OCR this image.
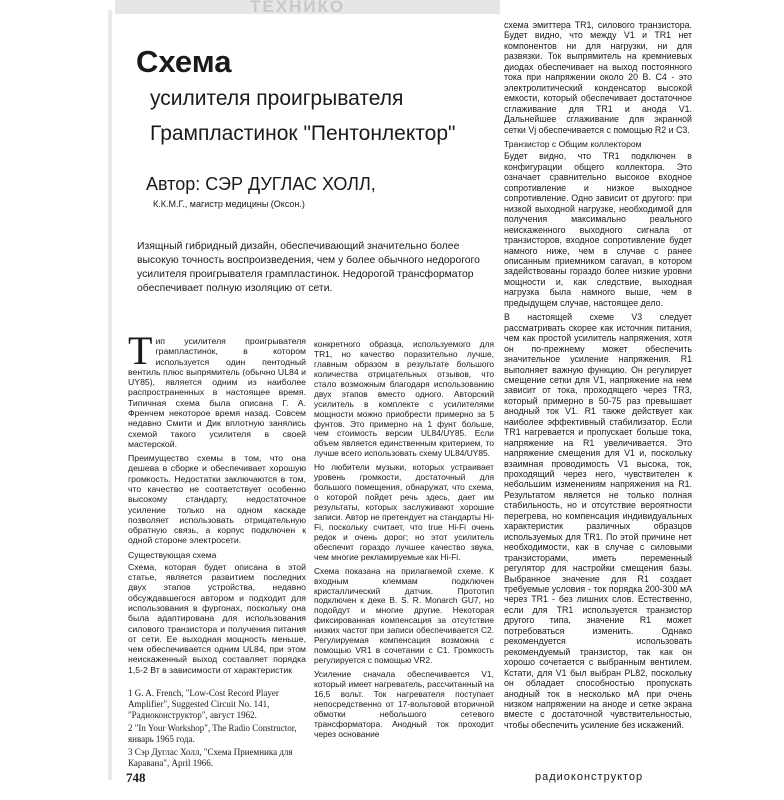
ТЕХНИКО
Схема
усилителя проигрывателя
Грампластинок "Пентонлектор"
Автор: СЭР ДУГЛАС ХОЛЛ,
К.К.М.Г., магистр медицины (Оксон.)
Изящный гибридный дизайн, обеспечивающий значительно более высокую точность воспроизведения, чем у более обычного недорогого усилителя проигрывателя грампластинок. Недорогой трансформатор обеспечивает полную изоляцию от сети.

Тип усилителя проигрывателя грампластинок, в котором используется один пентодный вентиль плюс выпрямитель (обычно UL84 и UY85), является одним из наиболее распространенных в настоящее время. Типичная схема была описана Г. А. Френчем некоторое время назад. Совсем недавно Смити и Дик вплотную занялись схемой такого усилителя в своей мастерской.

Преимущество схемы в том, что она дешева в сборке и обеспечивает хорошую громкость. Недостатки заключаются в том, что качество не соответствует особенно высокому стандарту, недостаточное усиление только на одном каскаде позволяет использовать отрицательную обратную связь, а корпус подключен к одной стороне электросети.

Существующая схема

Схема, которая будет описана в этой статье, является развитием последних двух этапов устройства, недавно обсуждавшегося автором и подходит для использования в фургонах, поскольку она была адаптирована для использования силового транзистора и получения питания от сети. Ее выходная мощность меньше, чем обеспечивается одним UL84, при этом неискаженный выход составляет порядка 1,5-2 Вт в зависимости от характеристик

1 G. A. French, "Low-Cost Record Player Amplifier", Suggested Circuit No. 141, "Радиоконструктор", август 1962.
2 "In Your Workshop", The Radio Constructor, январь 1965 года.
3 Сэр Дуглас Холл, "Схема Приемника для Каравана", April 1966.

конкретного образца, используемого для TR1, но качество поразительно лучше, главным образом в результате большого количества отрицательных отзывов, что стало возможным благодаря использованию двух этапов вместо одного. Авторский усилитель в комплекте с усилителями мощности можно приобрести примерно за 5 фунтов. Это примерно на 1 фунт больше, чем стоимость версии UL84/UY85. Если объем является единственным критерием, то лучше всего использовать схему UL84/UY85.

Но любители музыки, которых устраивает уровень громкости, достаточный для большого помещения, обнаружат, что схема, о которой пойдет речь здесь, дает им результаты, которых заслуживают хорошие записи. Автор не претендует на стандарты Hi-Fi, поскольку считает, что true Hi-Fi очень редок и очень дорог; но этот усилитель обеспечит гораздо лучшее качество звука, чем многие рекламируемые как Hi-Fi.

Схема показана на прилагаемой схеме. К входным клеммам подключен кристаллический датчик. Прототип подключен к деке B. S. R. Monarch GU7, но подойдут и многие другие. Некоторая фиксированная компенсация за отсутствие низких частот при записи обеспечивается C2. Регулируемая компенсация возможна с помощью VR1 в сочетании с C1. Громкость регулируется с помощью VR2.

Усиление сначала обеспечивается V1, который имеет нагреватель, рассчитанный на 16,5 вольт. Ток нагревателя поступает непосредственно от 17-вольтовой вторичной обмотки небольшого сетевого трансформатора. Анодный ток проходит через основание

схема эмиттера TR1, силового транзистора. Будет видно, что между V1 и TR1 нет компонентов ни для нагрузки, ни для развязки. Ток выпрямитель на кремниевых диодах обеспечивает на выход постоянного тока при напряжении около 20 В. C4 - это электролитический конденсатор высокой емкости, который обеспечивает достаточное сглаживание для TR1 и анода V1. Дальнейшее сглаживание для экранной сетки Vj обеспечивается с помощью R2 и C3.

Транзистор с Общим коллектором

Будет видно, что TR1 подключен в конфигурации общего коллектора. Это означает сравнительно высокое входное сопротивление и низкое выходное сопротивление. Одно зависит от другого: при низкой выходной нагрузке, необходимой для получения максимально реального неискаженного выходного сигнала от транзисторов, входное сопротивление будет намного ниже, чем в случае с ранее описанным приемником caravan, в котором задействованы гораздо более низкие уровни мощности и, как следствие, выходная нагрузка была намного выше, чем в предыдущем случае, настоящее дело.

В настоящей схеме V3 следует рассматривать скорее как источник питания, чем как простой усилитель напряжения, хотя он по-прежнему может обеспечить значительное усиление напряжения. R1 выполняет важную функцию. Он регулирует смещение сетки для V1, напряжение на нем зависит от тока, проходящего через TR3, который примерно в 50-75 раз превышает анодный ток V1. R1 также действует как наиболее эффективный стабилизатор. Если TR1 нагревается и пропускает больше тока, напряжение на R1 увеличивается. Это напряжение смещения для V1 и, поскольку взаимная проводимость V1 высока, ток, проходящий через него, чувствителен к небольшим изменениям напряжения на R1. Результатом является не только полная стабильность, но и отсутствие вероятности перегрева, но компенсация индивидуальных характеристик различных образцов используемых для TR1. По этой причине нет необходимости, как в случае с силовыми транзисторами, иметь переменный регулятор для настройки смещения базы. Выбранное значение для R1 создает требуемые условия - ток порядка 200-300 мА через TR1 - без лишних слов. Естественно, если для TR1 используется транзистор другого типа, значение R1 может потребоваться изменить. Однако рекомендуется использовать рекомендуемый транзистор, так как он хорошо сочетается с выбранным вентилем. Кстати, для V1 был выбран PL82, поскольку он обладает способностью пропускать анодный ток в несколько мА при очень низком напряжении на аноде и сетке экрана вместе с достаточной чувствительностью, чтобы обеспечить усиление без искажений.

748	радиоконструктор
